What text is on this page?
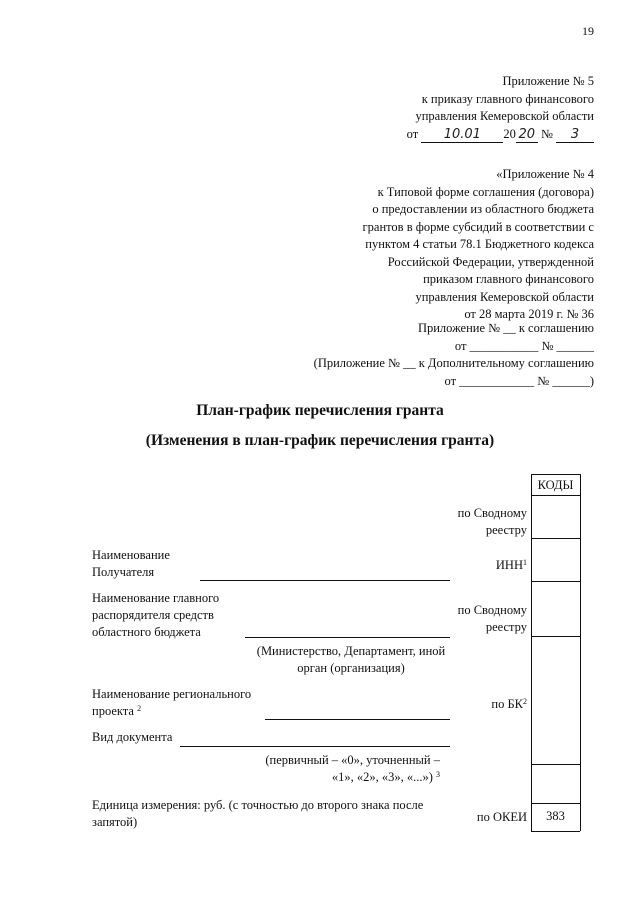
19
Приложение № 5
к приказу главного финансового
управления Кемеровской области
от 10.01 20 20 № 3
«Приложение № 4
к Типовой форме соглашения (договора)
о предоставлении из областного бюджета
грантов в форме субсидий в соответствии с
пунктом 4 статьи 78.1 Бюджетного кодекса
Российской Федерации, утвержденной
приказом главного финансового
управления Кемеровской области
от 28 марта 2019 г. № 36
Приложение № __ к соглашению
от ___________ № ______
(Приложение № __ к Дополнительному соглашению
от ____________ № ______)
План-график перечисления гранта
(Изменения в план-график перечисления гранта)
КОДЫ
по Сводному
реестру
ИНН$^1$
по Сводному
реестру
по $БК^2$
по ОКЕИ	383
Наименование
Получателя
Наименование главного
распорядителя средств
областного бюджета
(Министерство, Департамент, иной
орган (организация)
Наименование регионального
проекта $^2$
Вид документа
(первичный – «0», уточненный –
«1», «2», «3», «...») $^3$
Единица измерения: руб. (с точностью до второго знака после
запятой)
